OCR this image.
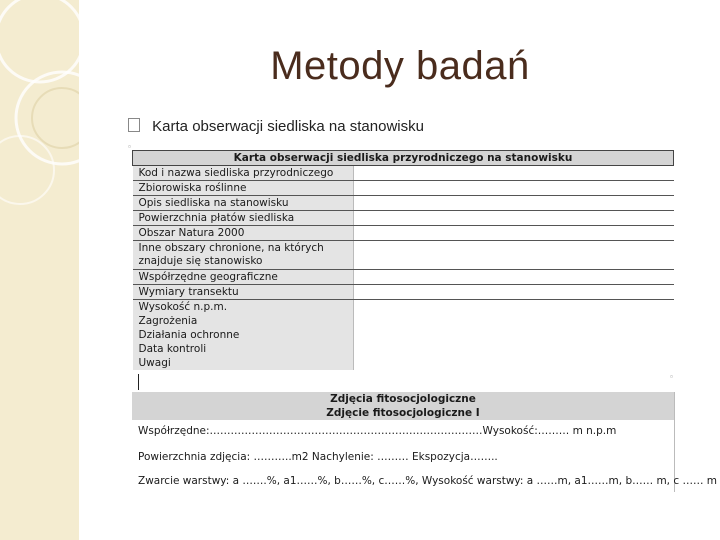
Metody badań
Karta obserwacji siedliska na stanowisku
▫
▫
Karta obserwacji siedliska przyrodniczego na stanowisku	
Kod i nazwa siedliska przyrodniczego	
Zbiorowiska roślinne	
Opis siedliska na stanowisku	
Powierzchnia płatów siedliska	
Obszar Natura 2000	
Inne obszary chronione, na których znajduje się stanowisko	
Współrzędne geograficzne	
Wymiary transektu	
Wysokość n.p.m.	
Zagrożenia	
Działania ochronne	
Data kontroli	
Uwagi	
Zdjęcia fitosocjologiczne
Zdjęcie fitosocjologiczne I
Współrzędne:……………………………………………………………………Wysokość:……… m n.p.m
Powierzchnia zdjęcia: ………..m2 Nachylenie: ……… Ekspozycja……..
Zwarcie warstwy: a …….%, a1……%, b……%, c……%, Wysokość warstwy: a ……m, a1……m, b…… m, c …… m
